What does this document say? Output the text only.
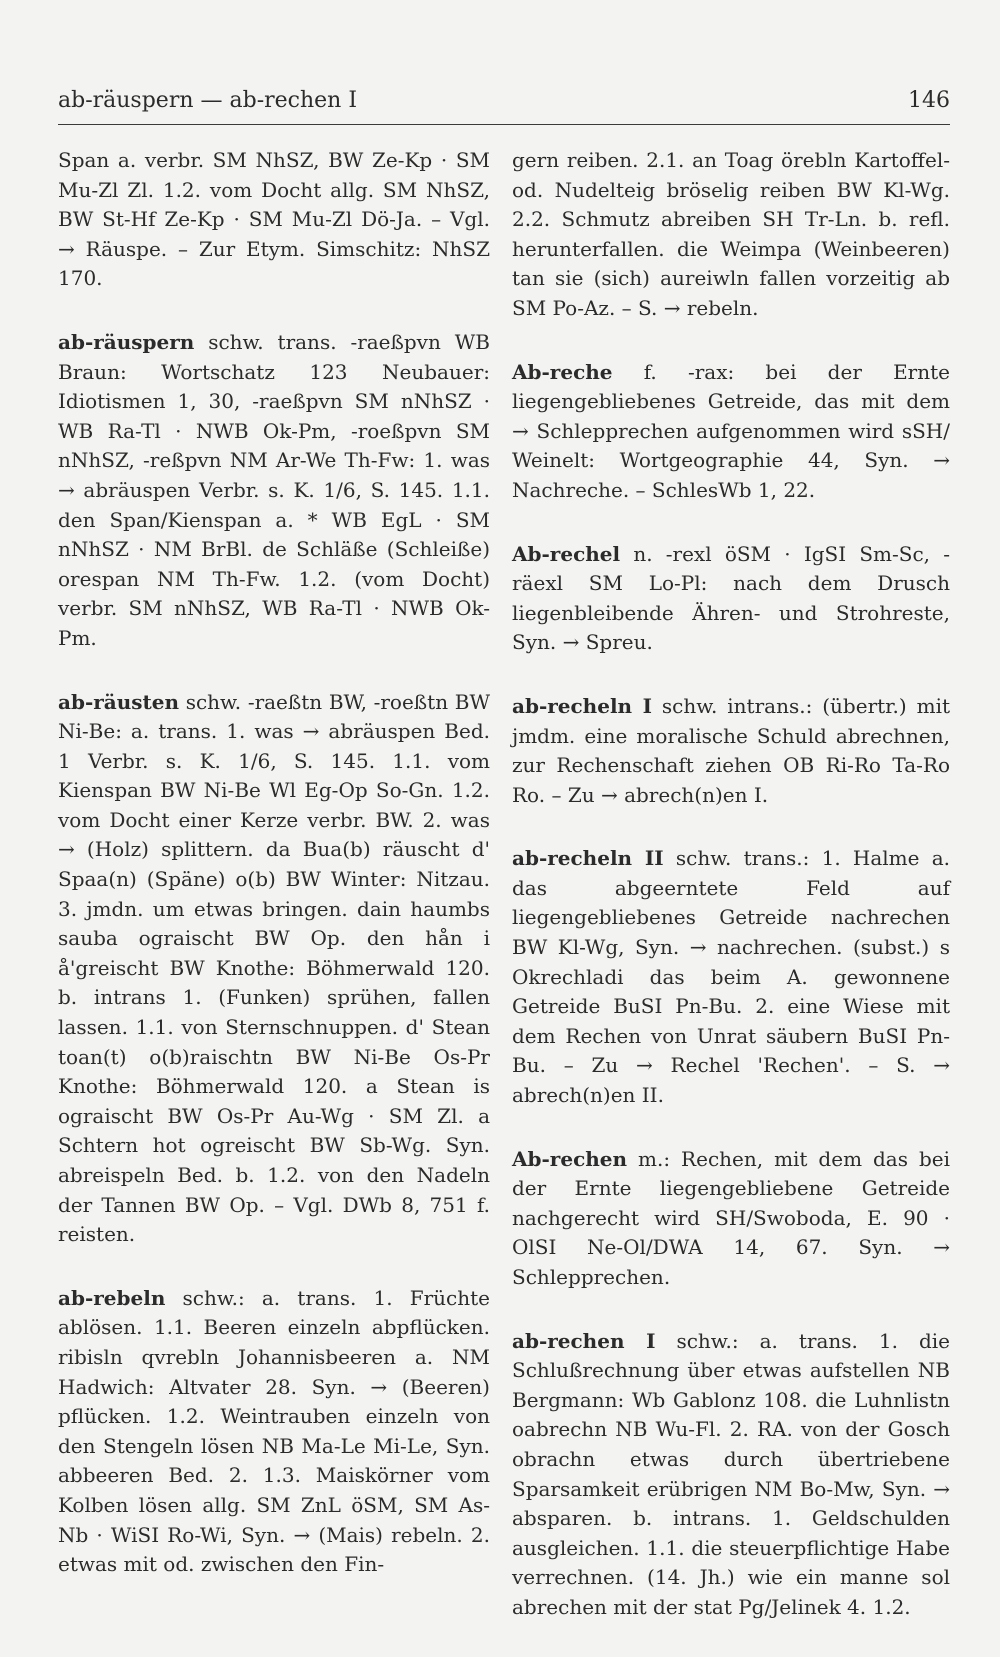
ab-räuspern — ab-rechen I	146

Span a. verbr. SM NhSZ, BW Ze-Kp · SM Mu-Zl Zl. 1.2. vom Docht allg. SM NhSZ, BW St-Hf Ze-Kp · SM Mu-Zl Dö-Ja. – Vgl. → Räuspe. – Zur Etym. Simschitz: NhSZ 170.

ab-räuspern schw. trans. -raeßpvn WB Braun: Wortschatz 123 Neubauer: Idiotismen 1, 30, -raeßpvn SM nNhSZ · WB Ra-Tl · NWB Ok-Pm, -roeßpvn SM nNhSZ, -reßpvn NM Ar-We Th-Fw: 1. was → abräuspen Verbr. s. K. 1/6, S. 145. 1.1. den Span/Kienspan a. * WB EgL · SM nNhSZ · NM BrBl. de Schläße (Schleiße) orespan NM Th-Fw. 1.2. (vom Docht) verbr. SM nNhSZ, WB Ra-Tl · NWB Ok-Pm.

ab-räusten schw. -raeßtn BW, -roeßtn BW Ni-Be: a. trans. 1. was → abräuspen Bed. 1 Verbr. s. K. 1/6, S. 145. 1.1. vom Kienspan BW Ni-Be Wl Eg-Op So-Gn. 1.2. vom Docht einer Kerze verbr. BW. 2. was → (Holz) splittern. da Bua(b) räuscht d' Spaa(n) (Späne) o(b) BW Winter: Nitzau. 3. jmdn. um etwas bringen. dain haumbs sauba ograischt BW Op. den hån i å'greischt BW Knothe: Böhmerwald 120. b. intrans 1. (Funken) sprühen, fallen lassen. 1.1. von Sternschnuppen. d' Stean toan(t) o(b)raischtn BW Ni-Be Os-Pr Knothe: Böhmerwald 120. a Stean is ograischt BW Os-Pr Au-Wg · SM Zl. a Schtern hot ogreischt BW Sb-Wg. Syn. abreispeln Bed. b. 1.2. von den Nadeln der Tannen BW Op. – Vgl. DWb 8, 751 f. reisten.

ab-rebeln schw.: a. trans. 1. Früchte ablösen. 1.1. Beeren einzeln abpflücken. ribisln qvrebln Johannisbeeren a. NM Hadwich: Altvater 28. Syn. → (Beeren) pflücken. 1.2. Weintrauben einzeln von den Stengeln lösen NB Ma-Le Mi-Le, Syn. abbeeren Bed. 2. 1.3. Maiskörner vom Kolben lösen allg. SM ZnL öSM, SM As-Nb · WiSI Ro-Wi, Syn. → (Mais) rebeln. 2. etwas mit od. zwischen den Fin-

gern reiben. 2.1. an Toag örebln Kartoffel- od. Nudelteig bröselig reiben BW Kl-Wg. 2.2. Schmutz abreiben SH Tr-Ln. b. refl. herunterfallen. die Weimpa (Weinbeeren) tan sie (sich) aureiwln fallen vorzeitig ab SM Po-Az. – S. → rebeln.

Ab-reche f. -rax: bei der Ernte liegengebliebenes Getreide, das mit dem → Schlepprechen aufgenommen wird sSH/ Weinelt: Wortgeographie 44, Syn. → Nachreche. – SchlesWb 1, 22.

Ab-rechel n. -rexl öSM · IgSI Sm-Sc, -räexl SM Lo-Pl: nach dem Drusch liegenbleibende Ähren- und Strohreste, Syn. → Spreu.

ab-recheln I schw. intrans.: (übertr.) mit jmdm. eine moralische Schuld abrechnen, zur Rechenschaft ziehen OB Ri-Ro Ta-Ro Ro. – Zu → abrech(n)en I.

ab-recheln II schw. trans.: 1. Halme a. das abgeerntete Feld auf liegengebliebenes Getreide nachrechen BW Kl-Wg, Syn. → nachrechen. (subst.) s Okrechladi das beim A. gewonnene Getreide BuSI Pn-Bu. 2. eine Wiese mit dem Rechen von Unrat säubern BuSI Pn-Bu. – Zu → Rechel 'Rechen'. – S. → abrech(n)en II.

Ab-rechen m.: Rechen, mit dem das bei der Ernte liegengebliebene Getreide nachgerecht wird SH/Swoboda, E. 90 · OlSI Ne-Ol/DWA 14, 67. Syn. → Schlepprechen.

ab-rechen I schw.: a. trans. 1. die Schlußrechnung über etwas aufstellen NB Bergmann: Wb Gablonz 108. die Luhnlistn oabrechn NB Wu-Fl. 2. RA. von der Gosch obrachn etwas durch übertriebene Sparsamkeit erübrigen NM Bo-Mw, Syn. → absparen. b. intrans. 1. Geldschulden ausgleichen. 1.1. die steuerpflichtige Habe verrechnen. (14. Jh.) wie ein manne sol abrechen mit der stat Pg/Jelinek 4. 1.2.
